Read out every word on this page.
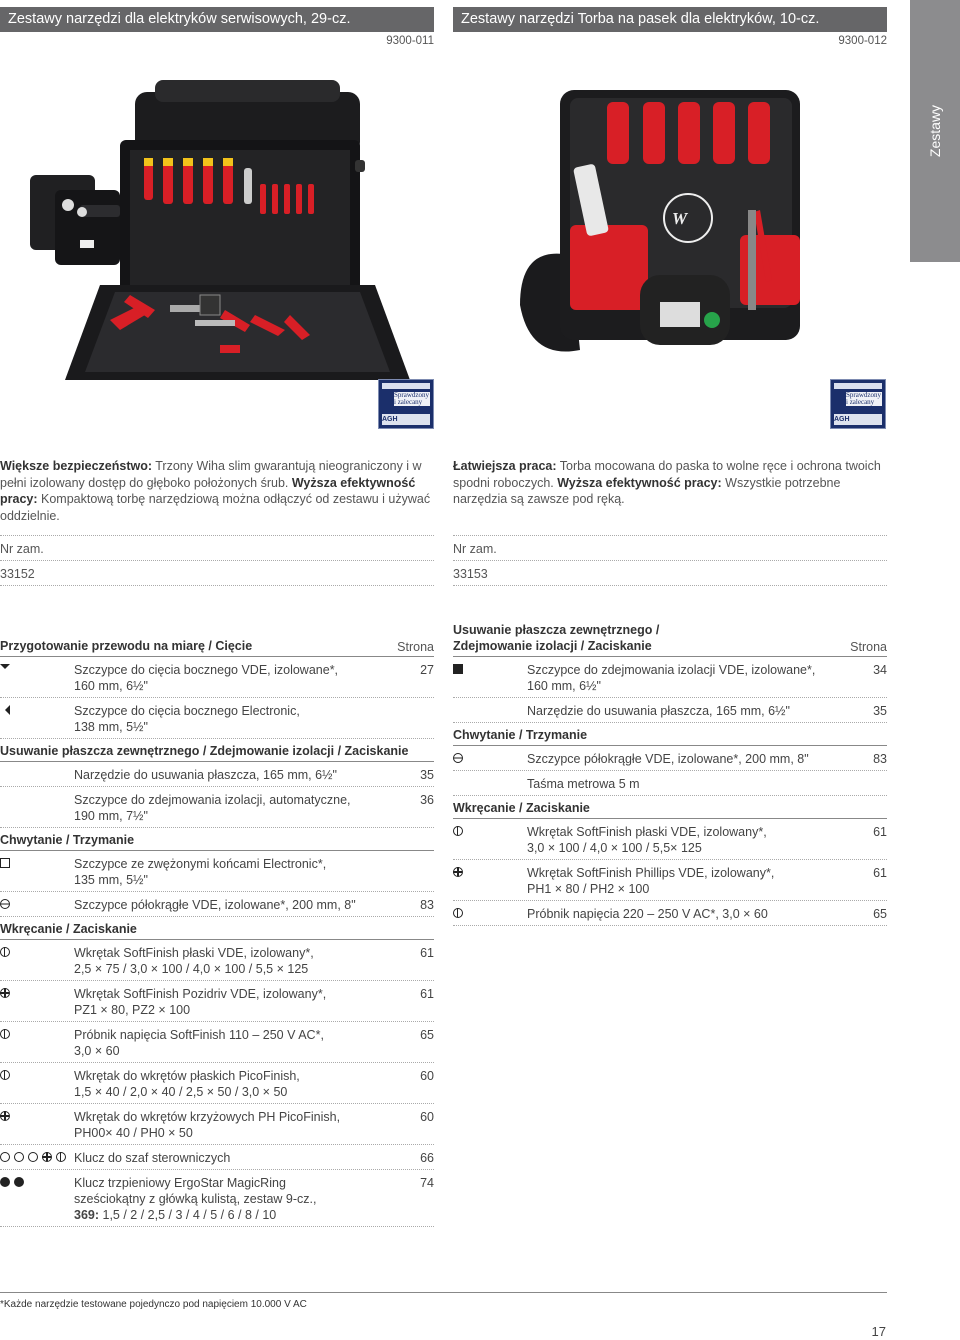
Zestawy
Zestawy narzędzi dla elektryków serwisowych, 29-cz.
9300-011
Zestawy narzędzi Torba na pasek dla elektryków, 10-cz.
9300-012
W
Sprawdzony i zalecany
AGH
Sprawdzony i zalecany
AGH
Większe bezpieczeństwo: Trzony Wiha slim gwarantują nieograniczony i w pełni izolowany dostęp do głęboko położonych śrub. Wyższa efektywność pracy: Kompaktową torbę narzędziową można odłączyć od zestawu i używać oddzielnie.
Łatwiejsza praca: Torba mocowana do paska to wolne ręce i ochrona twoich spodni roboczych. Wyższa efektywność pracy: Wszystkie potrzebne narzędzia są zawsze pod ręką.
Nr zam.
33152
Nr zam.
33153
Przygotowanie przewodu na miarę / Cięcie	Strona
Szczypce do cięcia bocznego VDE, izolowane*,
160 mm, 6½"
27
Szczypce do cięcia bocznego Electronic,
138 mm, 5½"
Usuwanie płaszcza zewnętrznego / Zdejmowanie izolacji / Zaciskanie
Narzędzie do usuwania płaszcza, 165 mm, 6½"	35
Szczypce do zdejmowania izolacji, automatyczne,
190 mm, 7½"
36
Chwytanie / Trzymanie
Szczypce ze zwężonymi końcami Electronic*,
135 mm, 5½"
Szczypce półokrągłe VDE, izolowane*, 200 mm, 8"	83
Wkręcanie / Zaciskanie
Wkrętak SoftFinish płaski VDE, izolowany*,
2,5 × 75 / 3,0 × 100 / 4,0 × 100 / 5,5 × 125
61
Wkrętak SoftFinish Pozidriv VDE, izolowany*,
PZ1 × 80, PZ2 × 100
61
Próbnik napięcia SoftFinish 110 – 250 V AC*,
3,0 × 60
65
Wkrętak do wkrętów płaskich PicoFinish,
1,5 × 40 / 2,0 × 40 / 2,5 × 50 / 3,0 × 50
60
Wkrętak do wkrętów krzyżowych PH PicoFinish,
PH00× 40 / PH0 × 50
60
Klucz do szaf sterowniczych	66
Klucz trzpieniowy ErgoStar MagicRing
sześciokątny z główką kulistą, zestaw 9-cz.,
369: 1,5 / 2 / 2,5 / 3 / 4 / 5 / 6 / 8 / 10
74
Usuwanie płaszcza zewnętrznego / Zdejmowanie izolacji / Zaciskanie	Strona
Szczypce do zdejmowania izolacji VDE, izolowane*,
160 mm, 6½"
34
Narzędzie do usuwania płaszcza, 165 mm, 6½"	35
Chwytanie / Trzymanie
Szczypce półokrągłe VDE, izolowane*, 200 mm, 8"	83
Taśma metrowa 5 m
Wkręcanie / Zaciskanie
Wkrętak SoftFinish płaski VDE, izolowany*,
3,0 × 100 / 4,0 × 100 / 5,5× 125
61
Wkrętak SoftFinish Phillips VDE, izolowany*,
PH1 × 80 / PH2 × 100
61
Próbnik napięcia 220 – 250 V AC*, 3,0 × 60	65
*Każde narzędzie testowane pojedynczo pod napięciem 10.000 V AC
17
